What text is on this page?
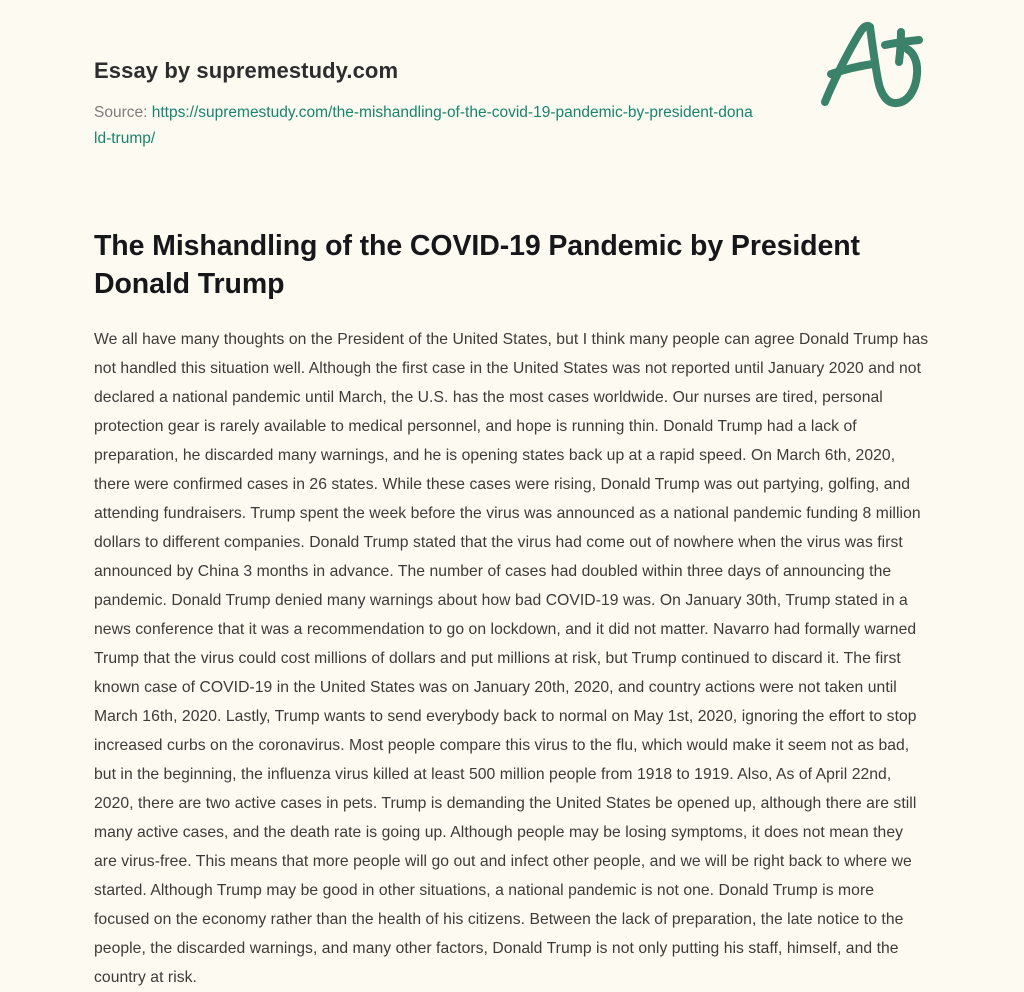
Essay by supremestudy.com
Source: https://supremestudy.com/the-mishandling-of-the-covid-19-pandemic-by-president-donald-trump/
The Mishandling of the COVID-19 Pandemic by President Donald Trump

We all have many thoughts on the President of the United States, but I think many people can agree Donald Trump has not handled this situation well. Although the first case in the United States was not reported until January 2020 and not declared a national pandemic until March, the U.S. has the most cases worldwide. Our nurses are tired, personal protection gear is rarely available to medical personnel, and hope is running thin. Donald Trump had a lack of preparation, he discarded many warnings, and he is opening states back up at a rapid speed. On March 6th, 2020, there were confirmed cases in 26 states. While these cases were rising, Donald Trump was out partying, golfing, and attending fundraisers. Trump spent the week before the virus was announced as a national pandemic funding 8 million dollars to different companies. Donald Trump stated that the virus had come out of nowhere when the virus was first announced by China 3 months in advance. The number of cases had doubled within three days of announcing the pandemic. Donald Trump denied many warnings about how bad COVID-19 was. On January 30th, Trump stated in a news conference that it was a recommendation to go on lockdown, and it did not matter. Navarro had formally warned Trump that the virus could cost millions of dollars and put millions at risk, but Trump continued to discard it. The first known case of COVID-19 in the United States was on January 20th, 2020, and country actions were not taken until March 16th, 2020. Lastly, Trump wants to send everybody back to normal on May 1st, 2020, ignoring the effort to stop increased curbs on the coronavirus. Most people compare this virus to the flu, which would make it seem not as bad, but in the beginning, the influenza virus killed at least 500 million people from 1918 to 1919. Also, As of April 22nd, 2020, there are two active cases in pets. Trump is demanding the United States be opened up, although there are still many active cases, and the death rate is going up. Although people may be losing symptoms, it does not mean they are virus-free. This means that more people will go out and infect other people, and we will be right back to where we started. Although Trump may be good in other situations, a national pandemic is not one. Donald Trump is more focused on the economy rather than the health of his citizens. Between the lack of preparation, the late notice to the people, the discarded warnings, and many other factors, Donald Trump is not only putting his staff, himself, and the country at risk.
